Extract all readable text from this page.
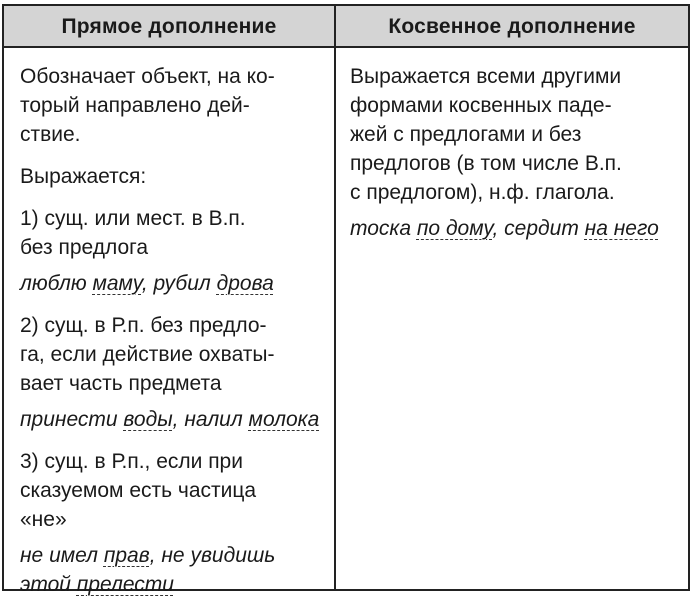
Прямое дополнение	Косвенное дополнение

Обозначает объект, на ко-
торый направлено дей-
ствие.

Выражается:

1) сущ. или мест. в В.п.
без предлога

люблю маму, рубил дрова

2) сущ. в Р.п. без предло-
га, если действие охваты-
вает часть предмета

принести воды, налил молока

3) сущ. в Р.п., если при
сказуемом есть частица
«не»

не имел прав, не увидишь этой прелести

Выражается всеми другими
формами косвенных паде-
жей с предлогами и без
предлогов (в том числе В.п.
с предлогом), н.ф. глагола.

тоска по дому, сердит на него
